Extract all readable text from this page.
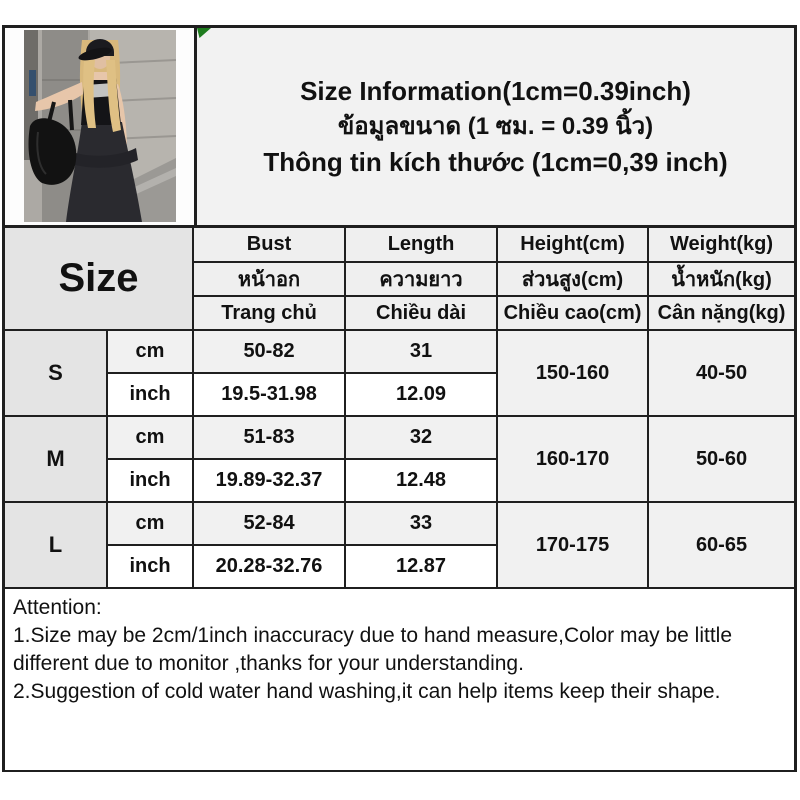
Size Information(1cm=0.39inch)
ข้อมูลขนาด (1 ซม. = 0.39 นิ้ว)
Thông tin kích thước (1cm=0,39 inch)
Size		Bust	Length	Height(cm)	Weight(kg)
		หน้าอก	ความยาว	ส่วนสูง(cm)	น้ำหนัก(kg)
		Trang chủ	Chiều dài	Chiều cao(cm)	Cân nặng(kg)
S	cm	50-82	31	150-160	40-50
	inch	19.5-31.98	12.09		
M	cm	51-83	32	160-170	50-60
	inch	19.89-32.37	12.48		
L	cm	52-84	33	170-175	60-65
	inch	20.28-32.76	12.87		

Attention:

1.Size may be 2cm/1inch inaccuracy due to hand measure,Color may be little different due to monitor ,thanks for your understanding.

2.Suggestion of cold water hand washing,it can help items keep their shape.
